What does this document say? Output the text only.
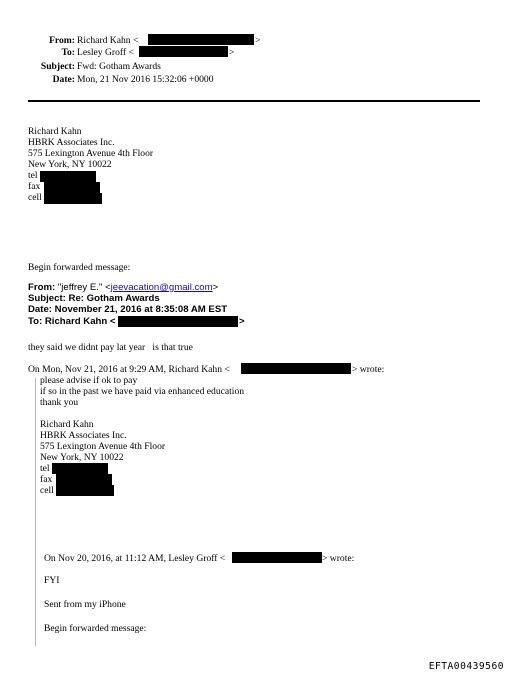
From: Richard Kahn <	>
To: Lesley Groff <	>
Subject: Fwd: Gotham Awards
Date: Mon, 21 Nov 2016 15:32:06 +0000
Richard Kahn
HBRK Associates Inc.
575 Lexington Avenue 4th Floor
New York, NY 10022
tel
fax
cell
Begin forwarded message:
From: "jeffrey E." <jeevacation@gmail.com>
Subject: Re: Gotham Awards
Date: November 21, 2016 at 8:35:08 AM EST
To: Richard Kahn <	>
they said we didnt pay lat year   is that true
On Mon, Nov 21, 2016 at 9:29 AM, Richard Kahn <	> wrote:
please advise if ok to pay
if so in the past we have paid via enhanced education
thank you
Richard Kahn
HBRK Associates Inc.
575 Lexington Avenue 4th Floor
New York, NY 10022
tel
fax
cell
On Nov 20, 2016, at 11:12 AM, Lesley Groff <	> wrote:
FYI
Sent from my iPhone
Begin forwarded message:
EFTA00439560
